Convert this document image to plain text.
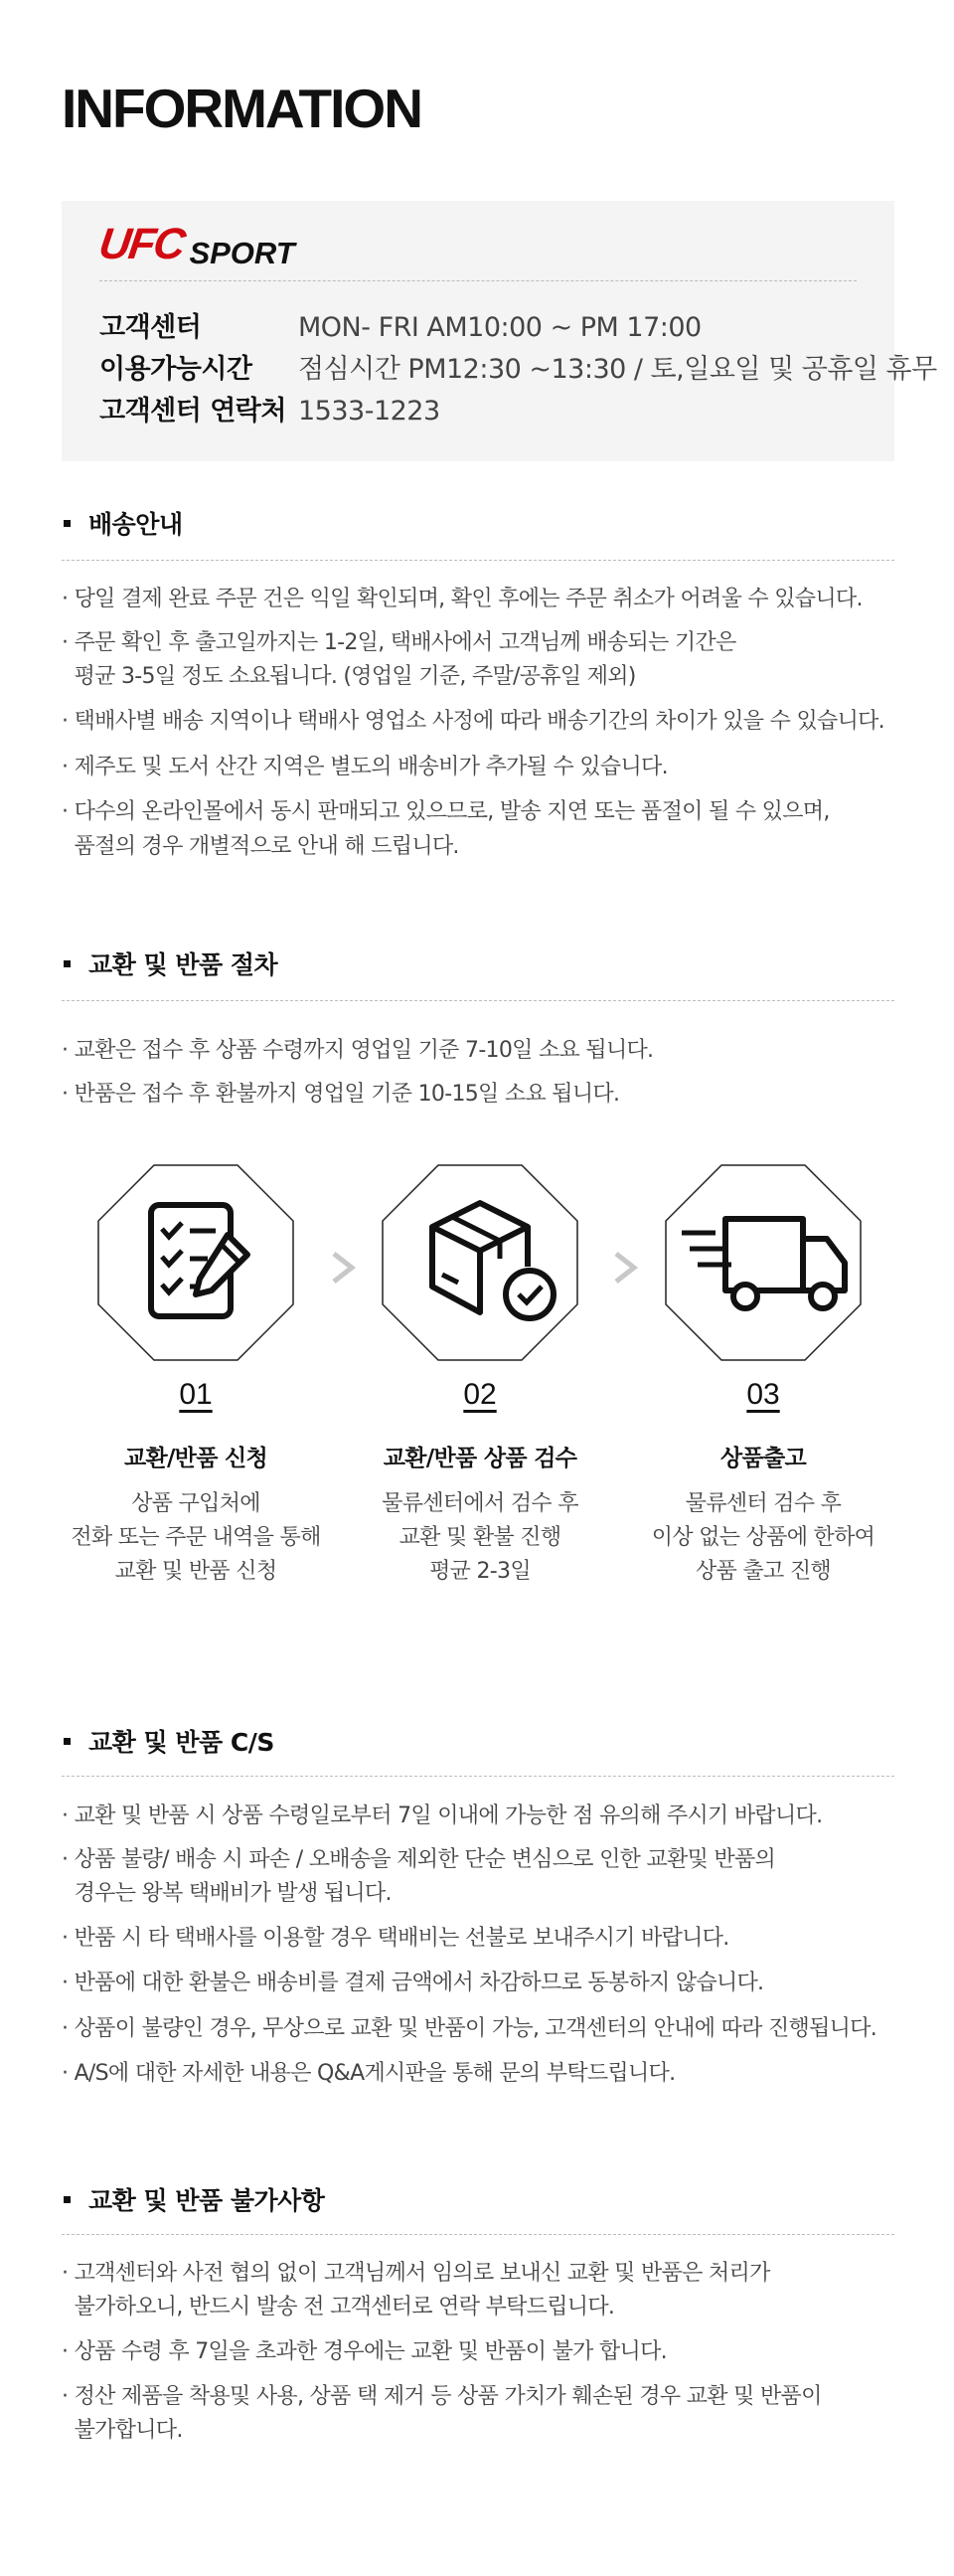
INFORMATION
UFC SPORT
고객센터	MON- FRI AM10:00 ~ PM 17:00
이용가능시간 점심시간 PM12:30 ~13:30 / 토,일요일 및 공휴일 휴무
고객센터 연락처 1533-1223
배송안내
· 당일 결제 완료 주문 건은 익일 확인되며, 확인 후에는 주문 취소가 어려울 수 있습니다.
· 주문 확인 후 출고일까지는 1-2일, 택배사에서 고객님께 배송되는 기간은
평균 3-5일 정도 소요됩니다. (영업일 기준, 주말/공휴일 제외)
· 택배사별 배송 지역이나 택배사 영업소 사정에 따라 배송기간의 차이가 있을 수 있습니다.
· 제주도 및 도서 산간 지역은 별도의 배송비가 추가될 수 있습니다.
· 다수의 온라인몰에서 동시 판매되고 있으므로, 발송 지연 또는 품절이 될 수 있으며,
품절의 경우 개별적으로 안내 해 드립니다.
교환 및 반품 절차
· 교환은 접수 후 상품 수령까지 영업일 기준 7-10일 소요 됩니다.
· 반품은 접수 후 환불까지 영업일 기준 10-15일 소요 됩니다.
01	02	03
교환/반품 신청	교환/반품 상품 검수	상품출고
상품 구입처에
전화 또는 주문 내역을 통해
교환 및 반품 신청
물류센터에서 검수 후
교환 및 환불 진행
평균 2-3일
물류센터 검수 후
이상 없는 상품에 한하여
상품 출고 진행
교환 및 반품 C/S
· 교환 및 반품 시 상품 수령일로부터 7일 이내에 가능한 점 유의해 주시기 바랍니다.
· 상품 불량/ 배송 시 파손 / 오배송을 제외한 단순 변심으로 인한 교환및 반품의
경우는 왕복 택배비가 발생 됩니다.
· 반품 시 타 택배사를 이용할 경우 택배비는 선불로 보내주시기 바랍니다.
· 반품에 대한 환불은 배송비를 결제 금액에서 차감하므로 동봉하지 않습니다.
· 상품이 불량인 경우, 무상으로 교환 및 반품이 가능, 고객센터의 안내에 따라 진행됩니다.
· A/S에 대한 자세한 내용은 Q&A게시판을 통해 문의 부탁드립니다.
교환 및 반품 불가사항
· 고객센터와 사전 협의 없이 고객님께서 임의로 보내신 교환 및 반품은 처리가
불가하오니, 반드시 발송 전 고객센터로 연락 부탁드립니다.
· 상품 수령 후 7일을 초과한 경우에는 교환 및 반품이 불가 합니다.
· 정산 제품을 착용및 사용, 상품 택 제거 등 상품 가치가 훼손된 경우 교환 및 반품이
불가합니다.
